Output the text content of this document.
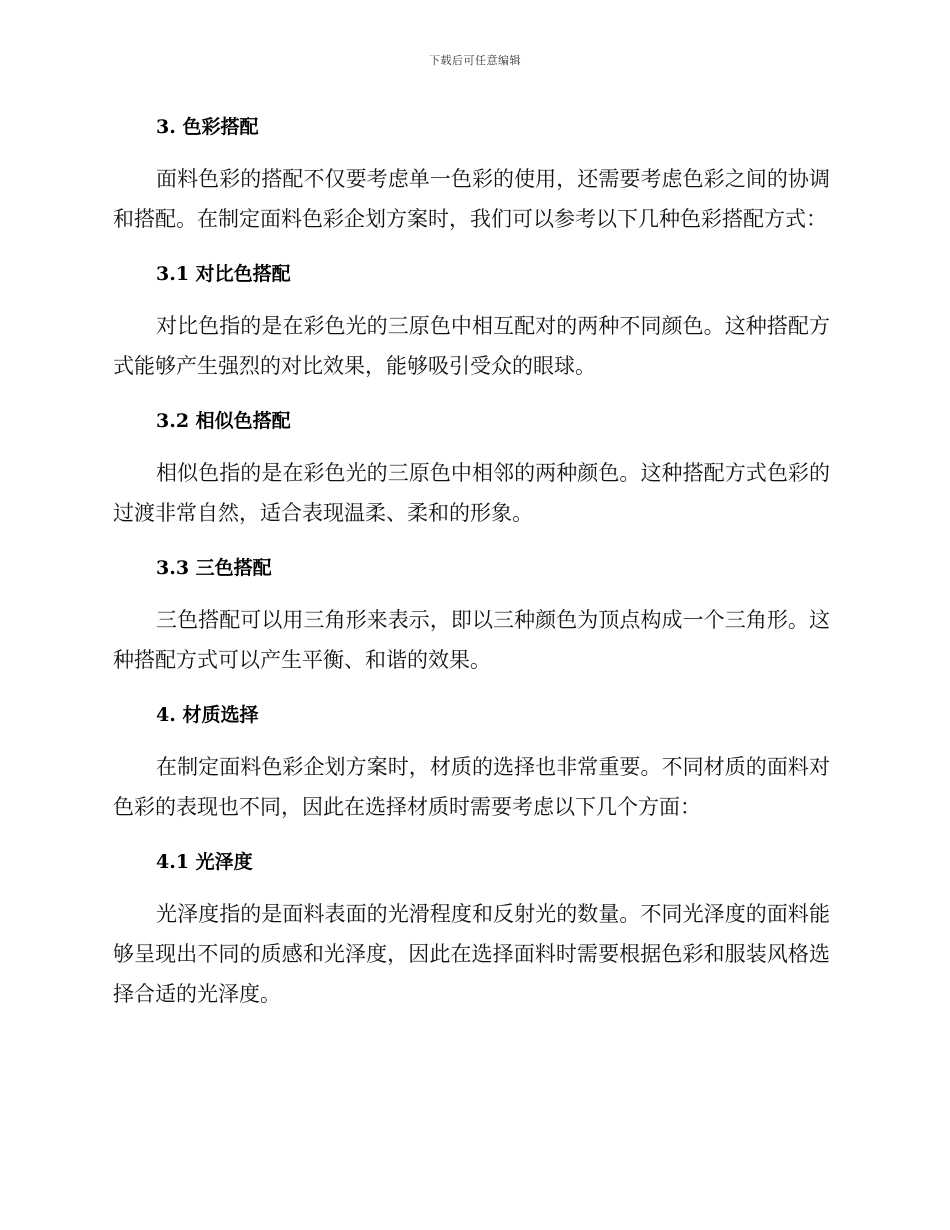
下载后可任意编辑
3. 色彩搭配

面料色彩的搭配不仅要考虑单一色彩的使用，还需要考虑色彩之间的协调和搭配。在制定面料色彩企划方案时，我们可以参考以下几种色彩搭配方式：

3.1 对比色搭配

对比色指的是在彩色光的三原色中相互配对的两种不同颜色。这种搭配方式能够产生强烈的对比效果，能够吸引受众的眼球。

3.2 相似色搭配

相似色指的是在彩色光的三原色中相邻的两种颜色。这种搭配方式色彩的过渡非常自然，适合表现温柔、柔和的形象。

3.3 三色搭配

三色搭配可以用三角形来表示，即以三种颜色为顶点构成一个三角形。这种搭配方式可以产生平衡、和谐的效果。

4. 材质选择

在制定面料色彩企划方案时，材质的选择也非常重要。不同材质的面料对色彩的表现也不同，因此在选择材质时需要考虑以下几个方面：

4.1 光泽度

光泽度指的是面料表面的光滑程度和反射光的数量。不同光泽度的面料能够呈现出不同的质感和光泽度，因此在选择面料时需要根据色彩和服装风格选择合适的光泽度。
